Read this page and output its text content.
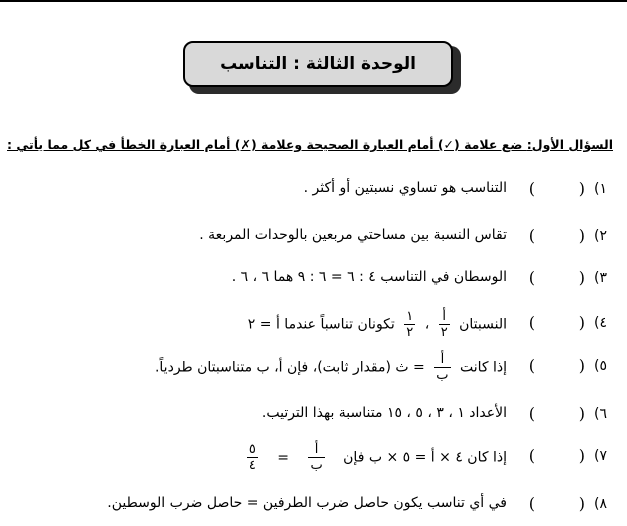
الوحدة الثالثة : التناسب
السؤال الأول: ضع علامة (✓) أمام العبارة الصحيحة وعلامة (✗) أمام العبارة الخطأ في كل مما يأتي :
١)
(
)
التناسب هو تساوي نسبتين أو أكثر .
٢)
(
)
تقاس النسبة بين مساحتي مربعين بالوحدات المربعة .
٣)
(
)
الوسطان في التناسب ٤ : ٦ = ٦ : ٩ هما ٦ ، ٦ .
٤)
(
)
النسبتان
$\frac{\text{أ}}{٢}$
،
$\frac{١}{٢}$
تكونان تناسباً عندما أ = ٢
٥)
(
)
إذا كانت
$\frac{\text{أ}}{\text{ب}}$
= ث (مقدار ثابت)، فإن أ، ب متناسبتان طردياً.
٦)
(
)
الأعداد ١ ، ٣ ، ٥ ، ١٥ متناسبة بهذا الترتيب.
٧)
(
)
إذا كان ٤ × أ = ٥ × ب فإن
$\frac{\text{أ}}{\text{ب}}$
=
$\frac{٥}{٤}$
٨)
(
)
في أي تناسب يكون حاصل ضرب الطرفين = حاصل ضرب الوسطين.
